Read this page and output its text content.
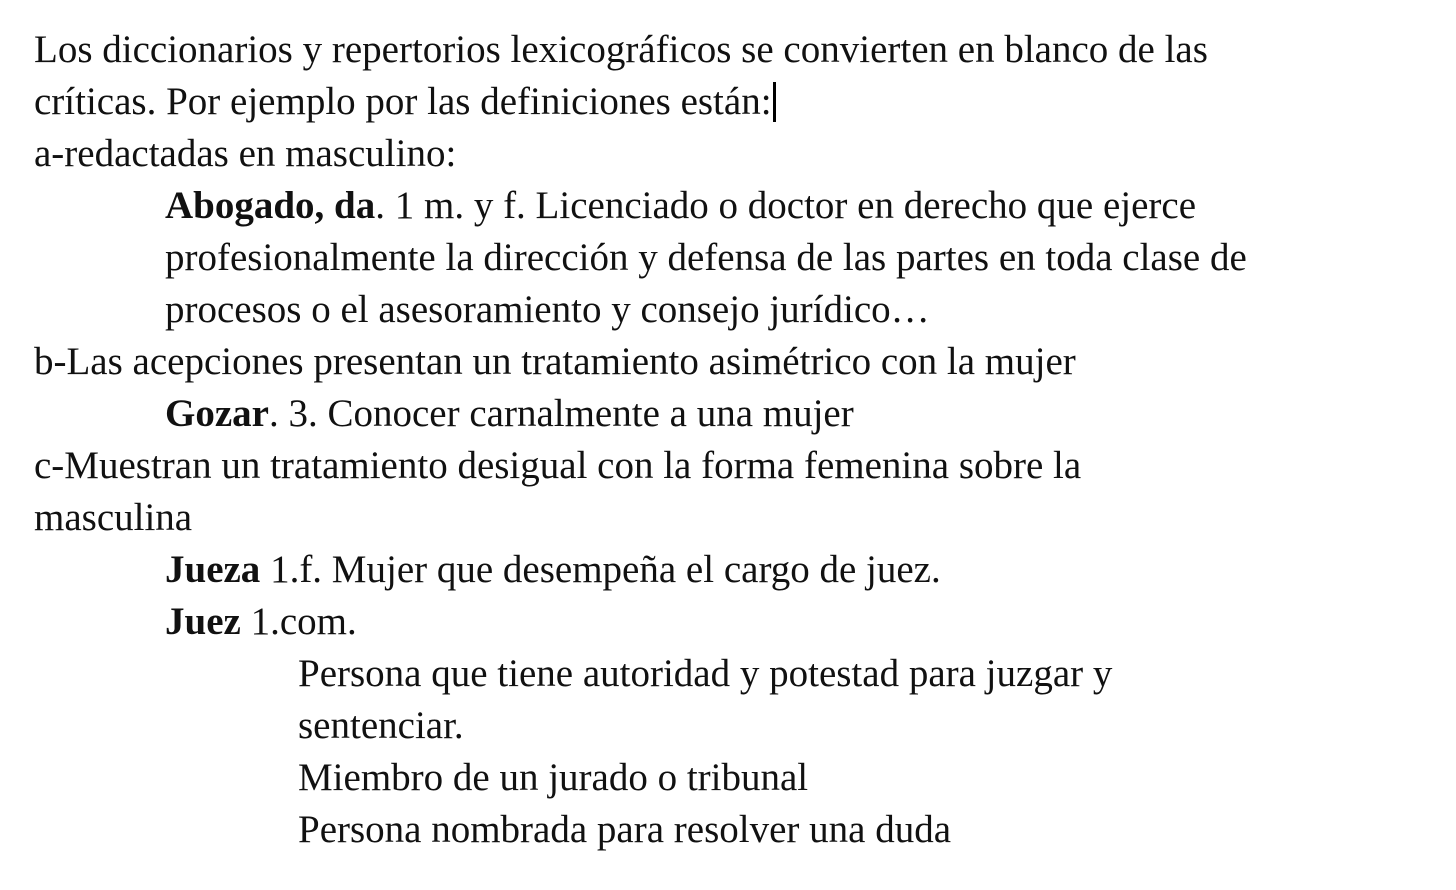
Los diccionarios y repertorios lexicográficos se convierten en blanco de las

críticas. Por ejemplo por las definiciones están:

a-redactadas en masculino:

Abogado, da. 1 m. y f. Licenciado o doctor en derecho que ejerce

profesionalmente la dirección y defensa de las partes en toda clase de

procesos o el asesoramiento y consejo jurídico…

b-Las acepciones presentan un tratamiento asimétrico con la mujer

Gozar. 3. Conocer carnalmente a una mujer

c-Muestran un tratamiento desigual con la forma femenina sobre la

masculina

Jueza 1.f. Mujer que desempeña el cargo de juez.

Juez 1.com.

Persona que tiene autoridad y potestad para juzgar y

sentenciar.

Miembro de un jurado o tribunal

Persona nombrada para resolver una duda
